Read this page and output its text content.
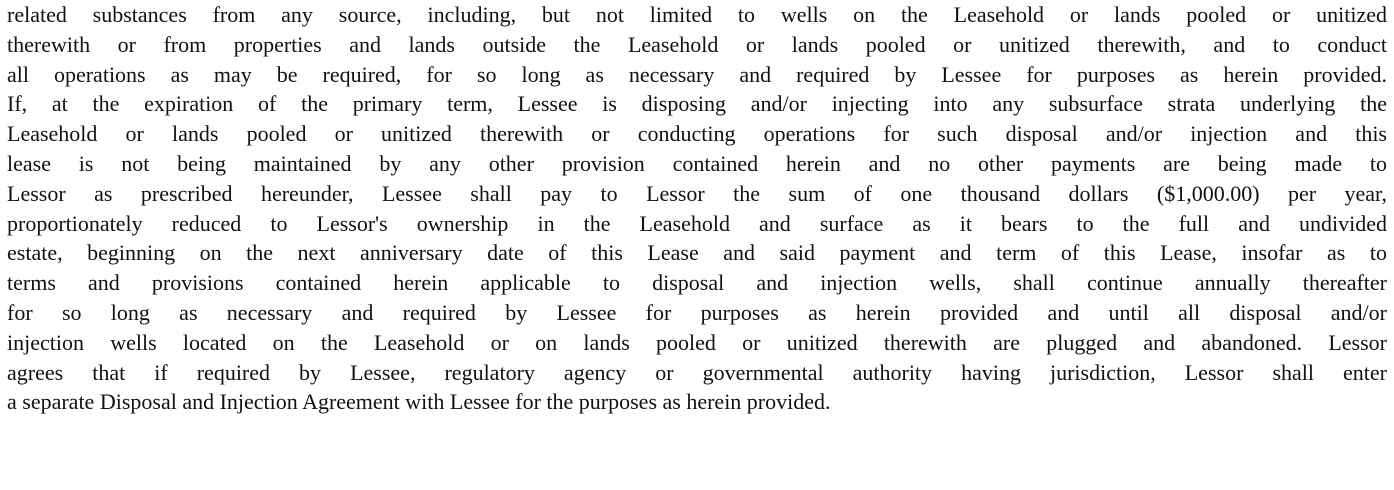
related substances from any source, including, but not limited to wells on the Leasehold or lands pooled or unitized
therewith or from properties and lands outside the Leasehold or lands pooled or unitized therewith, and to conduct
all operations as may be required, for so long as necessary and required by Lessee for purposes as herein provided.
If, at the expiration of the primary term, Lessee is disposing and/or injecting into any subsurface strata underlying the
Leasehold or lands pooled or unitized therewith or conducting operations for such disposal and/or injection and this
lease is not being maintained by any other provision contained herein and no other payments are being made to
Lessor as prescribed hereunder, Lessee shall pay to Lessor the sum of one thousand dollars ($1,000.00) per year,
proportionately reduced to Lessor's ownership in the Leasehold and surface as it bears to the full and undivided
estate, beginning on the next anniversary date of this Lease and said payment and term of this Lease, insofar as to
terms and provisions contained herein applicable to disposal and injection wells, shall continue annually thereafter
for so long as necessary and required by Lessee for purposes as herein provided and until all disposal and/or
injection wells located on the Leasehold or on lands pooled or unitized therewith are plugged and abandoned. Lessor
agrees that if required by Lessee, regulatory agency or governmental authority having jurisdiction, Lessor shall enter
a separate Disposal and Injection Agreement with Lessee for the purposes as herein provided.
